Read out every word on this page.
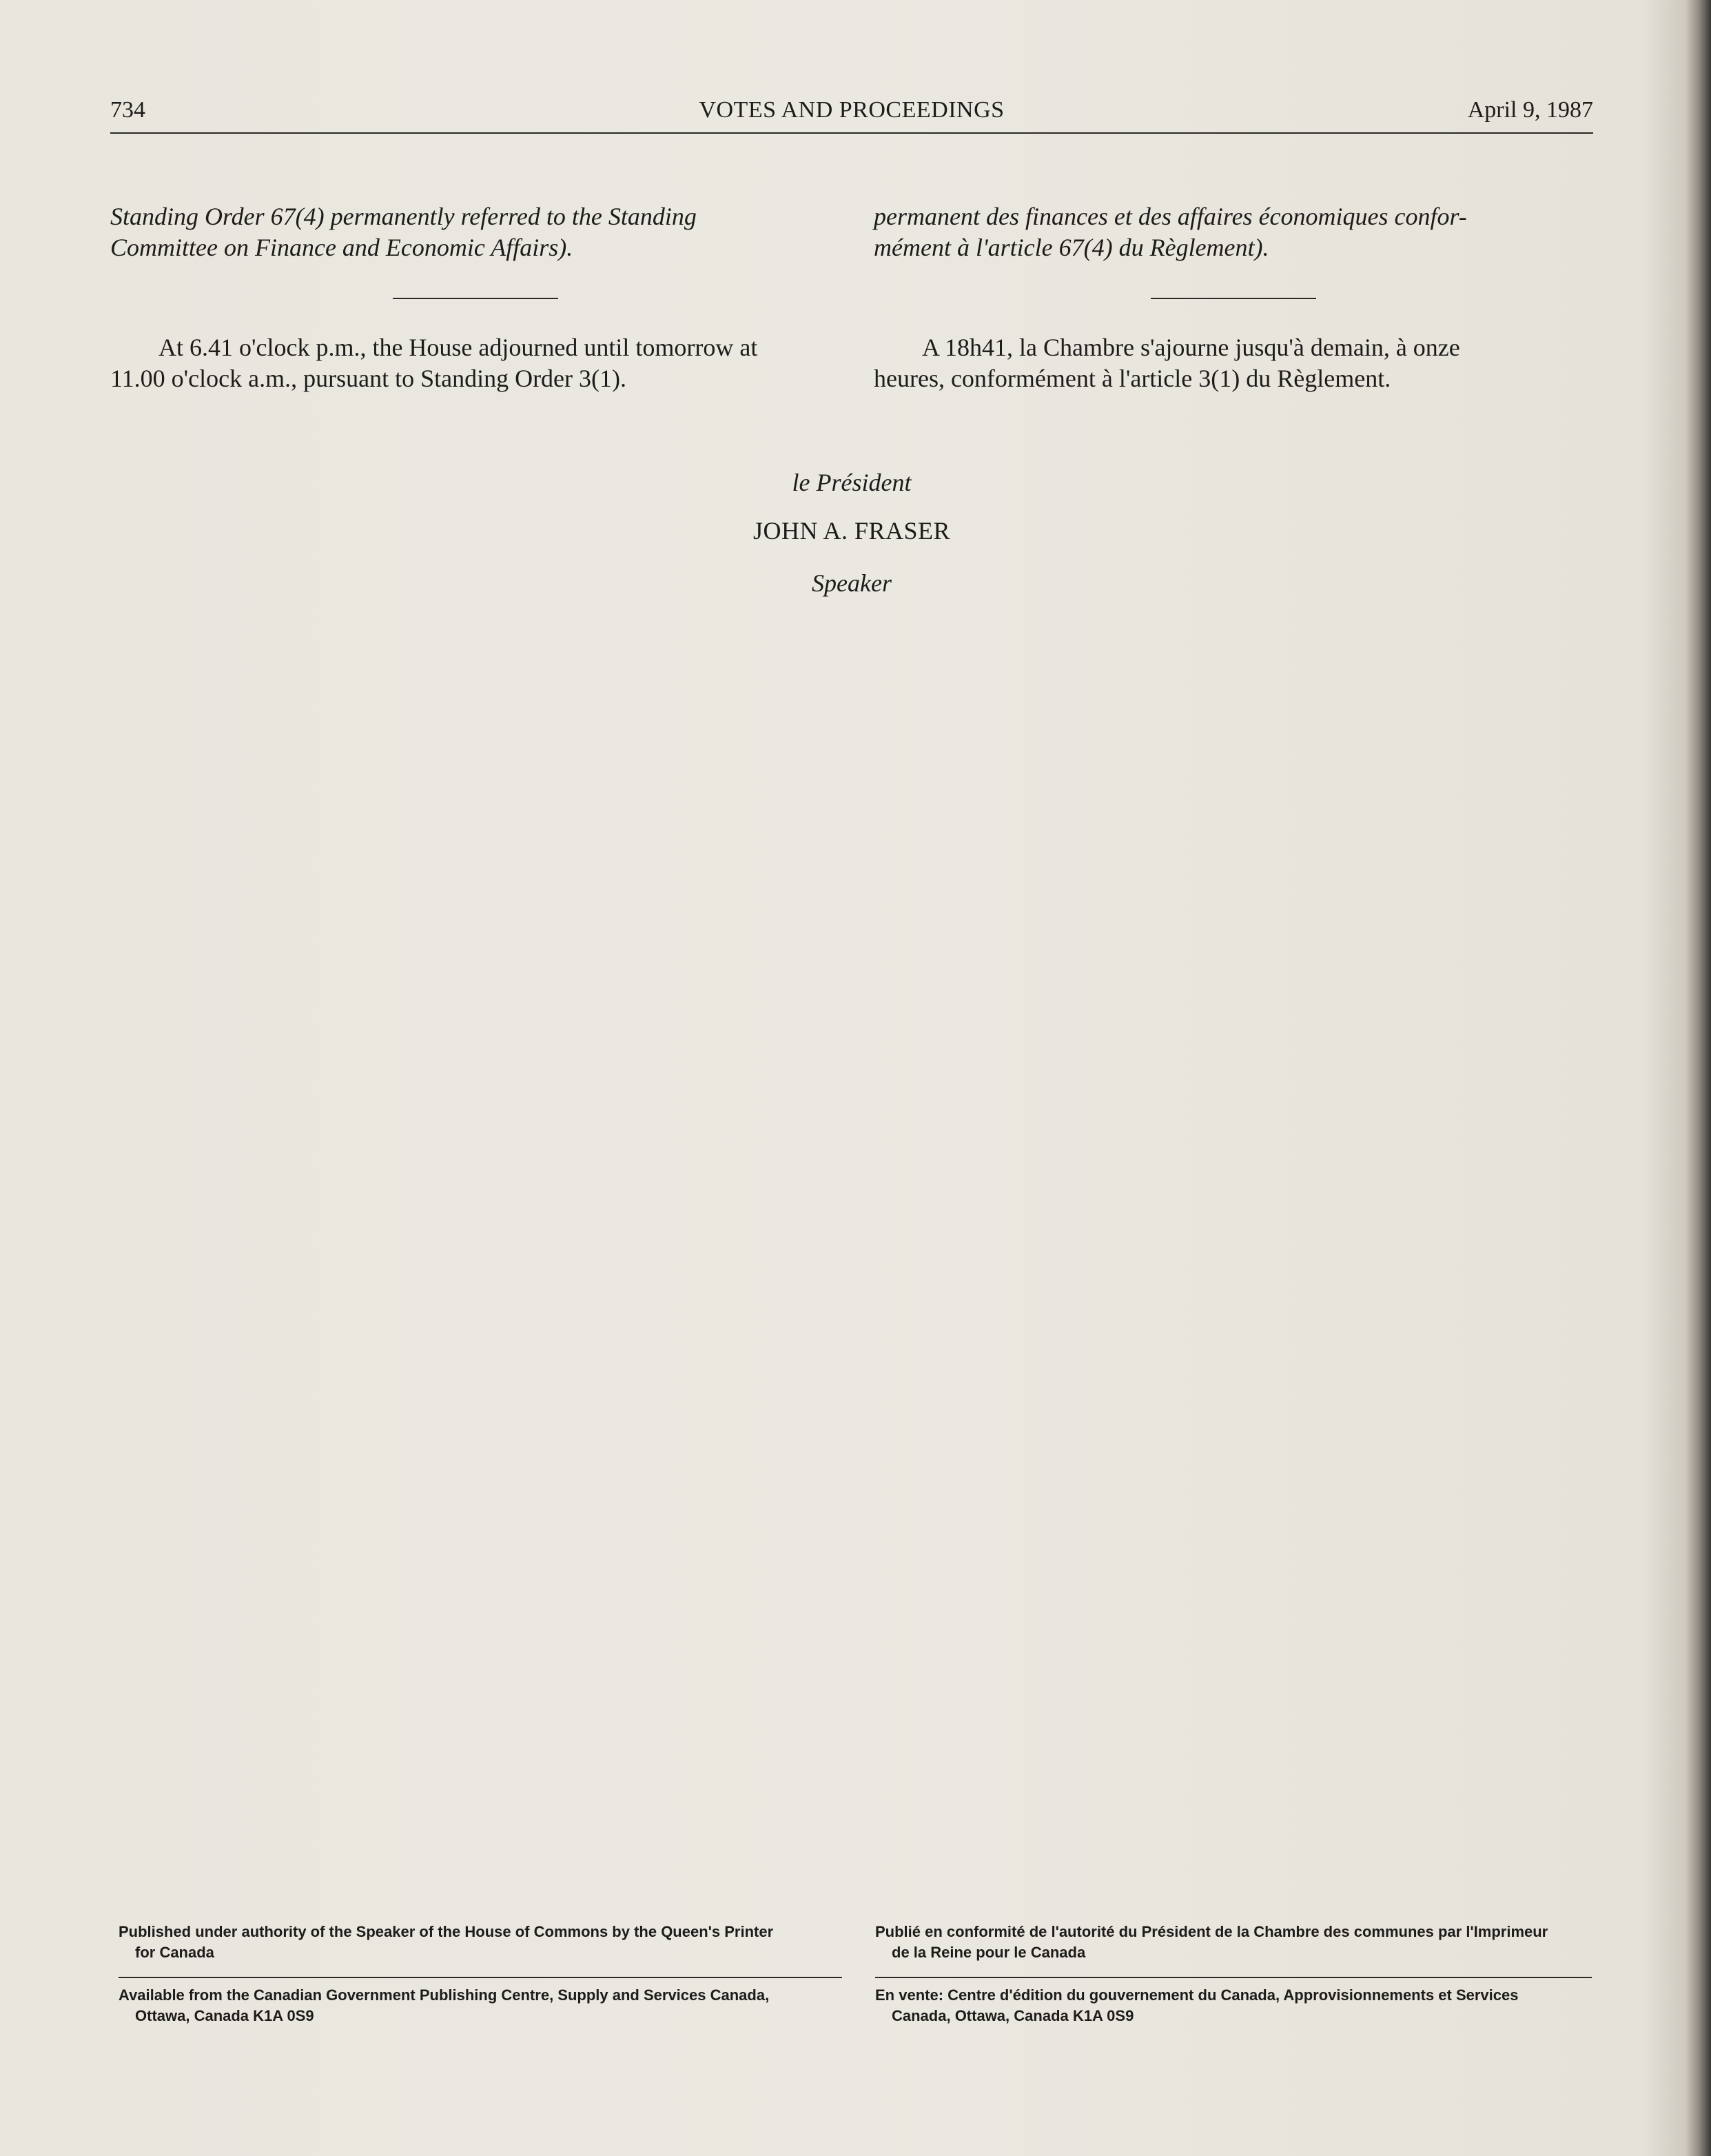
734	VOTES AND PROCEEDINGS	April 9, 1987
Standing Order 67(4) permanently referred to the Standing
Committee on Finance and Economic Affairs).
At 6.41 o'clock p.m., the House adjourned until tomorrow at
11.00 o'clock a.m., pursuant to Standing Order 3(1).
permanent des finances et des affaires économiques confor-
mément à l'article 67(4) du Règlement).
A 18h41, la Chambre s'ajourne jusqu'à demain, à onze
heures, conformément à l'article 3(1) du Règlement.
le Président
JOHN A. FRASER
Speaker
Published under authority of the Speaker of the House of Commons by the Queen's Printer
for Canada
Publié en conformité de l'autorité du Président de la Chambre des communes par l'Imprimeur
de la Reine pour le Canada
Available from the Canadian Government Publishing Centre, Supply and Services Canada,
Ottawa, Canada K1A 0S9
En vente: Centre d'édition du gouvernement du Canada, Approvisionnements et Services
Canada, Ottawa, Canada K1A 0S9
